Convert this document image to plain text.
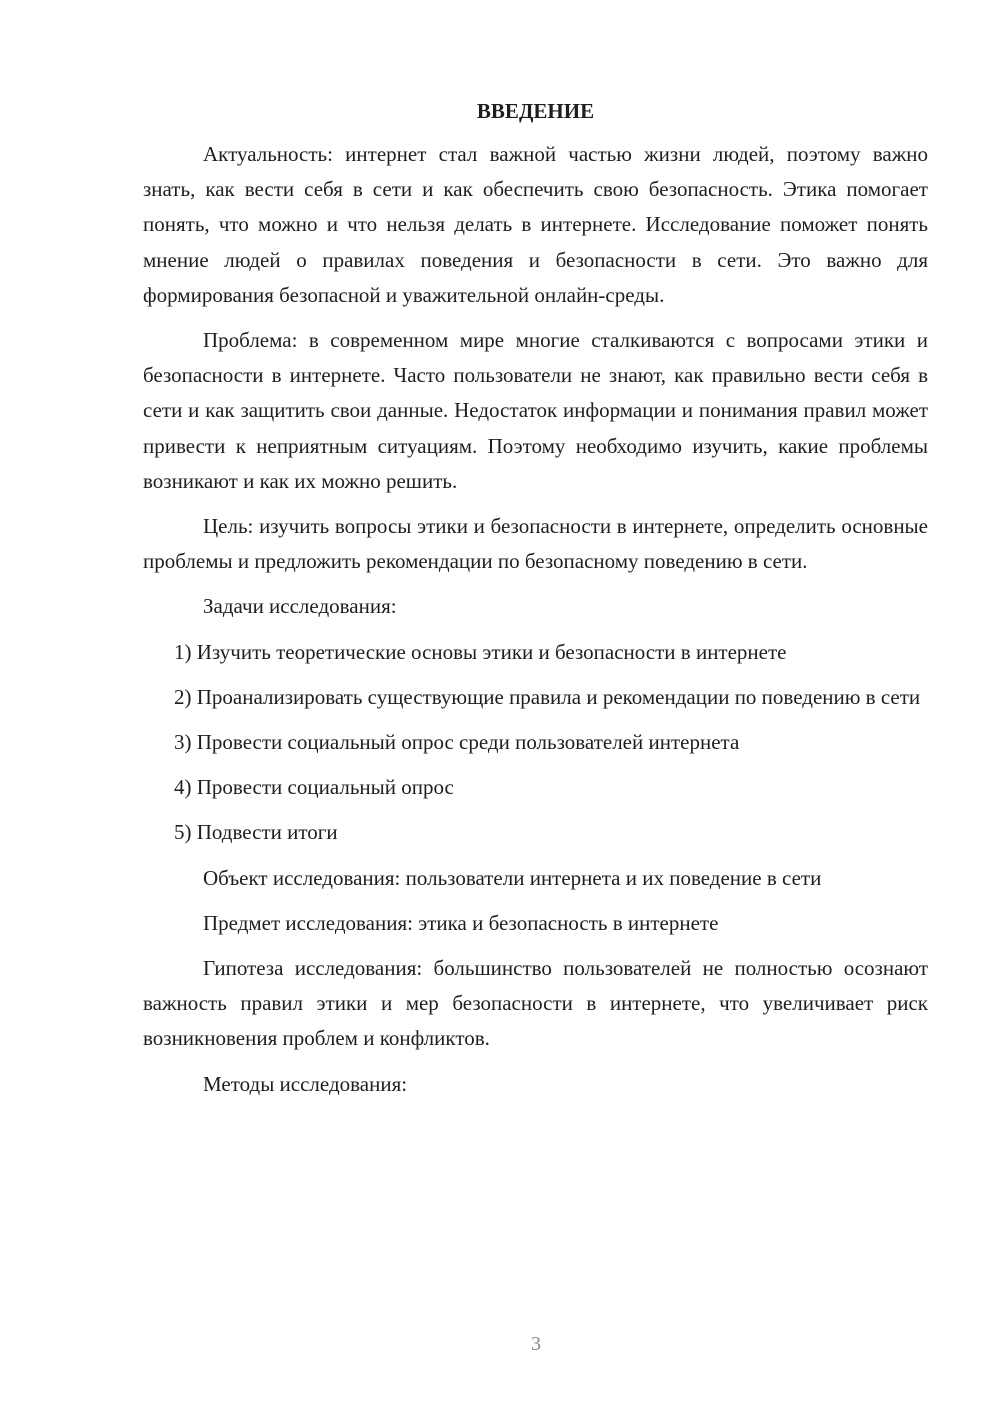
ВВЕДЕНИЕ

Актуальность: интернет стал важной частью жизни людей, поэтому важно знать, как вести себя в сети и как обеспечить свою безопасность. Этика помогает понять, что можно и что нельзя делать в интернете. Исследование поможет понять мнение людей о правилах поведения и безопасности в сети. Это важно для формирования безопасной и уважительной онлайн-среды.

Проблема: в современном мире многие сталкиваются с вопросами этики и безопасности в интернете. Часто пользователи не знают, как правильно вести себя в сети и как защитить свои данные. Недостаток информации и понимания правил может привести к неприятным ситуациям. Поэтому необходимо изучить, какие проблемы возникают и как их можно решить.

Цель: изучить вопросы этики и безопасности в интернете, определить основные проблемы и предложить рекомендации по безопасному поведению в сети.

Задачи исследования:

1) Изучить теоретические основы этики и безопасности в интернете

2) Проанализировать существующие правила и рекомендации по поведению в сети

3) Провести социальный опрос среди пользователей интернета

4) Провести социальный опрос

5) Подвести итоги

Объект исследования: пользователи интернета и их поведение в сети

Предмет исследования: этика и безопасность в интернете

Гипотеза исследования: большинство пользователей не полностью осознают важность правил этики и мер безопасности в интернете, что увеличивает риск возникновения проблем и конфликтов.

Методы исследования:

3
